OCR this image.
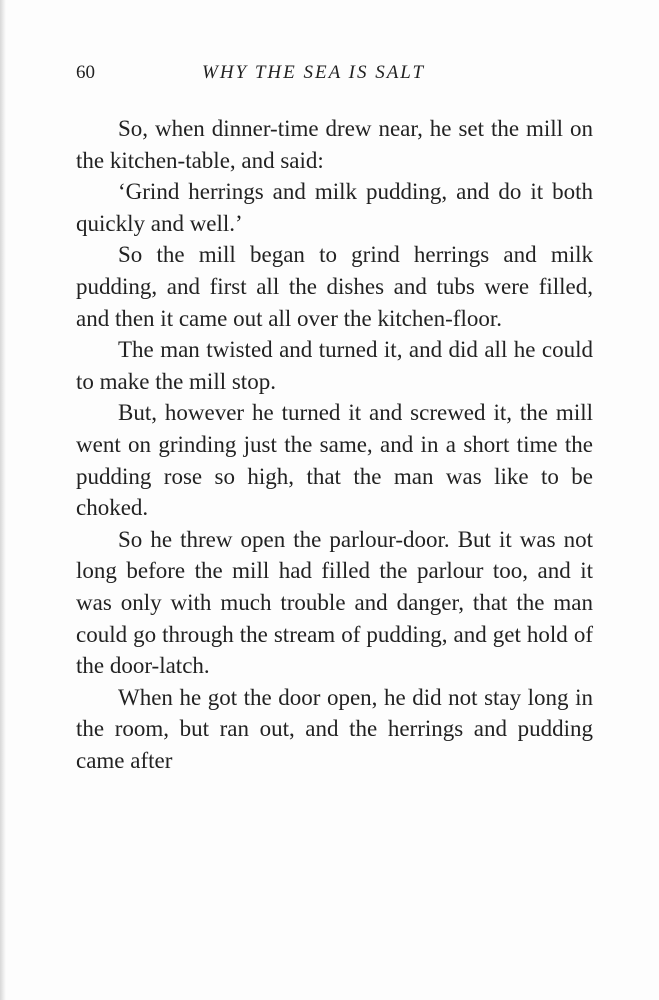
60	WHY THE SEA IS SALT

So, when dinner-time drew near, he set the mill on the kitchen-table, and said:

‘Grind herrings and milk pudding, and do it both quickly and well.’

So the mill began to grind herrings and milk pudding, and first all the dishes and tubs were filled, and then it came out all over the kitchen-floor.

The man twisted and turned it, and did all he could to make the mill stop.

But, however he turned it and screwed it, the mill went on grinding just the same, and in a short time the pudding rose so high, that the man was like to be choked.

So he threw open the parlour-door. But it was not long before the mill had filled the parlour too, and it was only with much trouble and danger, that the man could go through the stream of pudding, and get hold of the door-latch.

When he got the door open, he did not stay long in the room, but ran out, and the herrings and pudding came after
